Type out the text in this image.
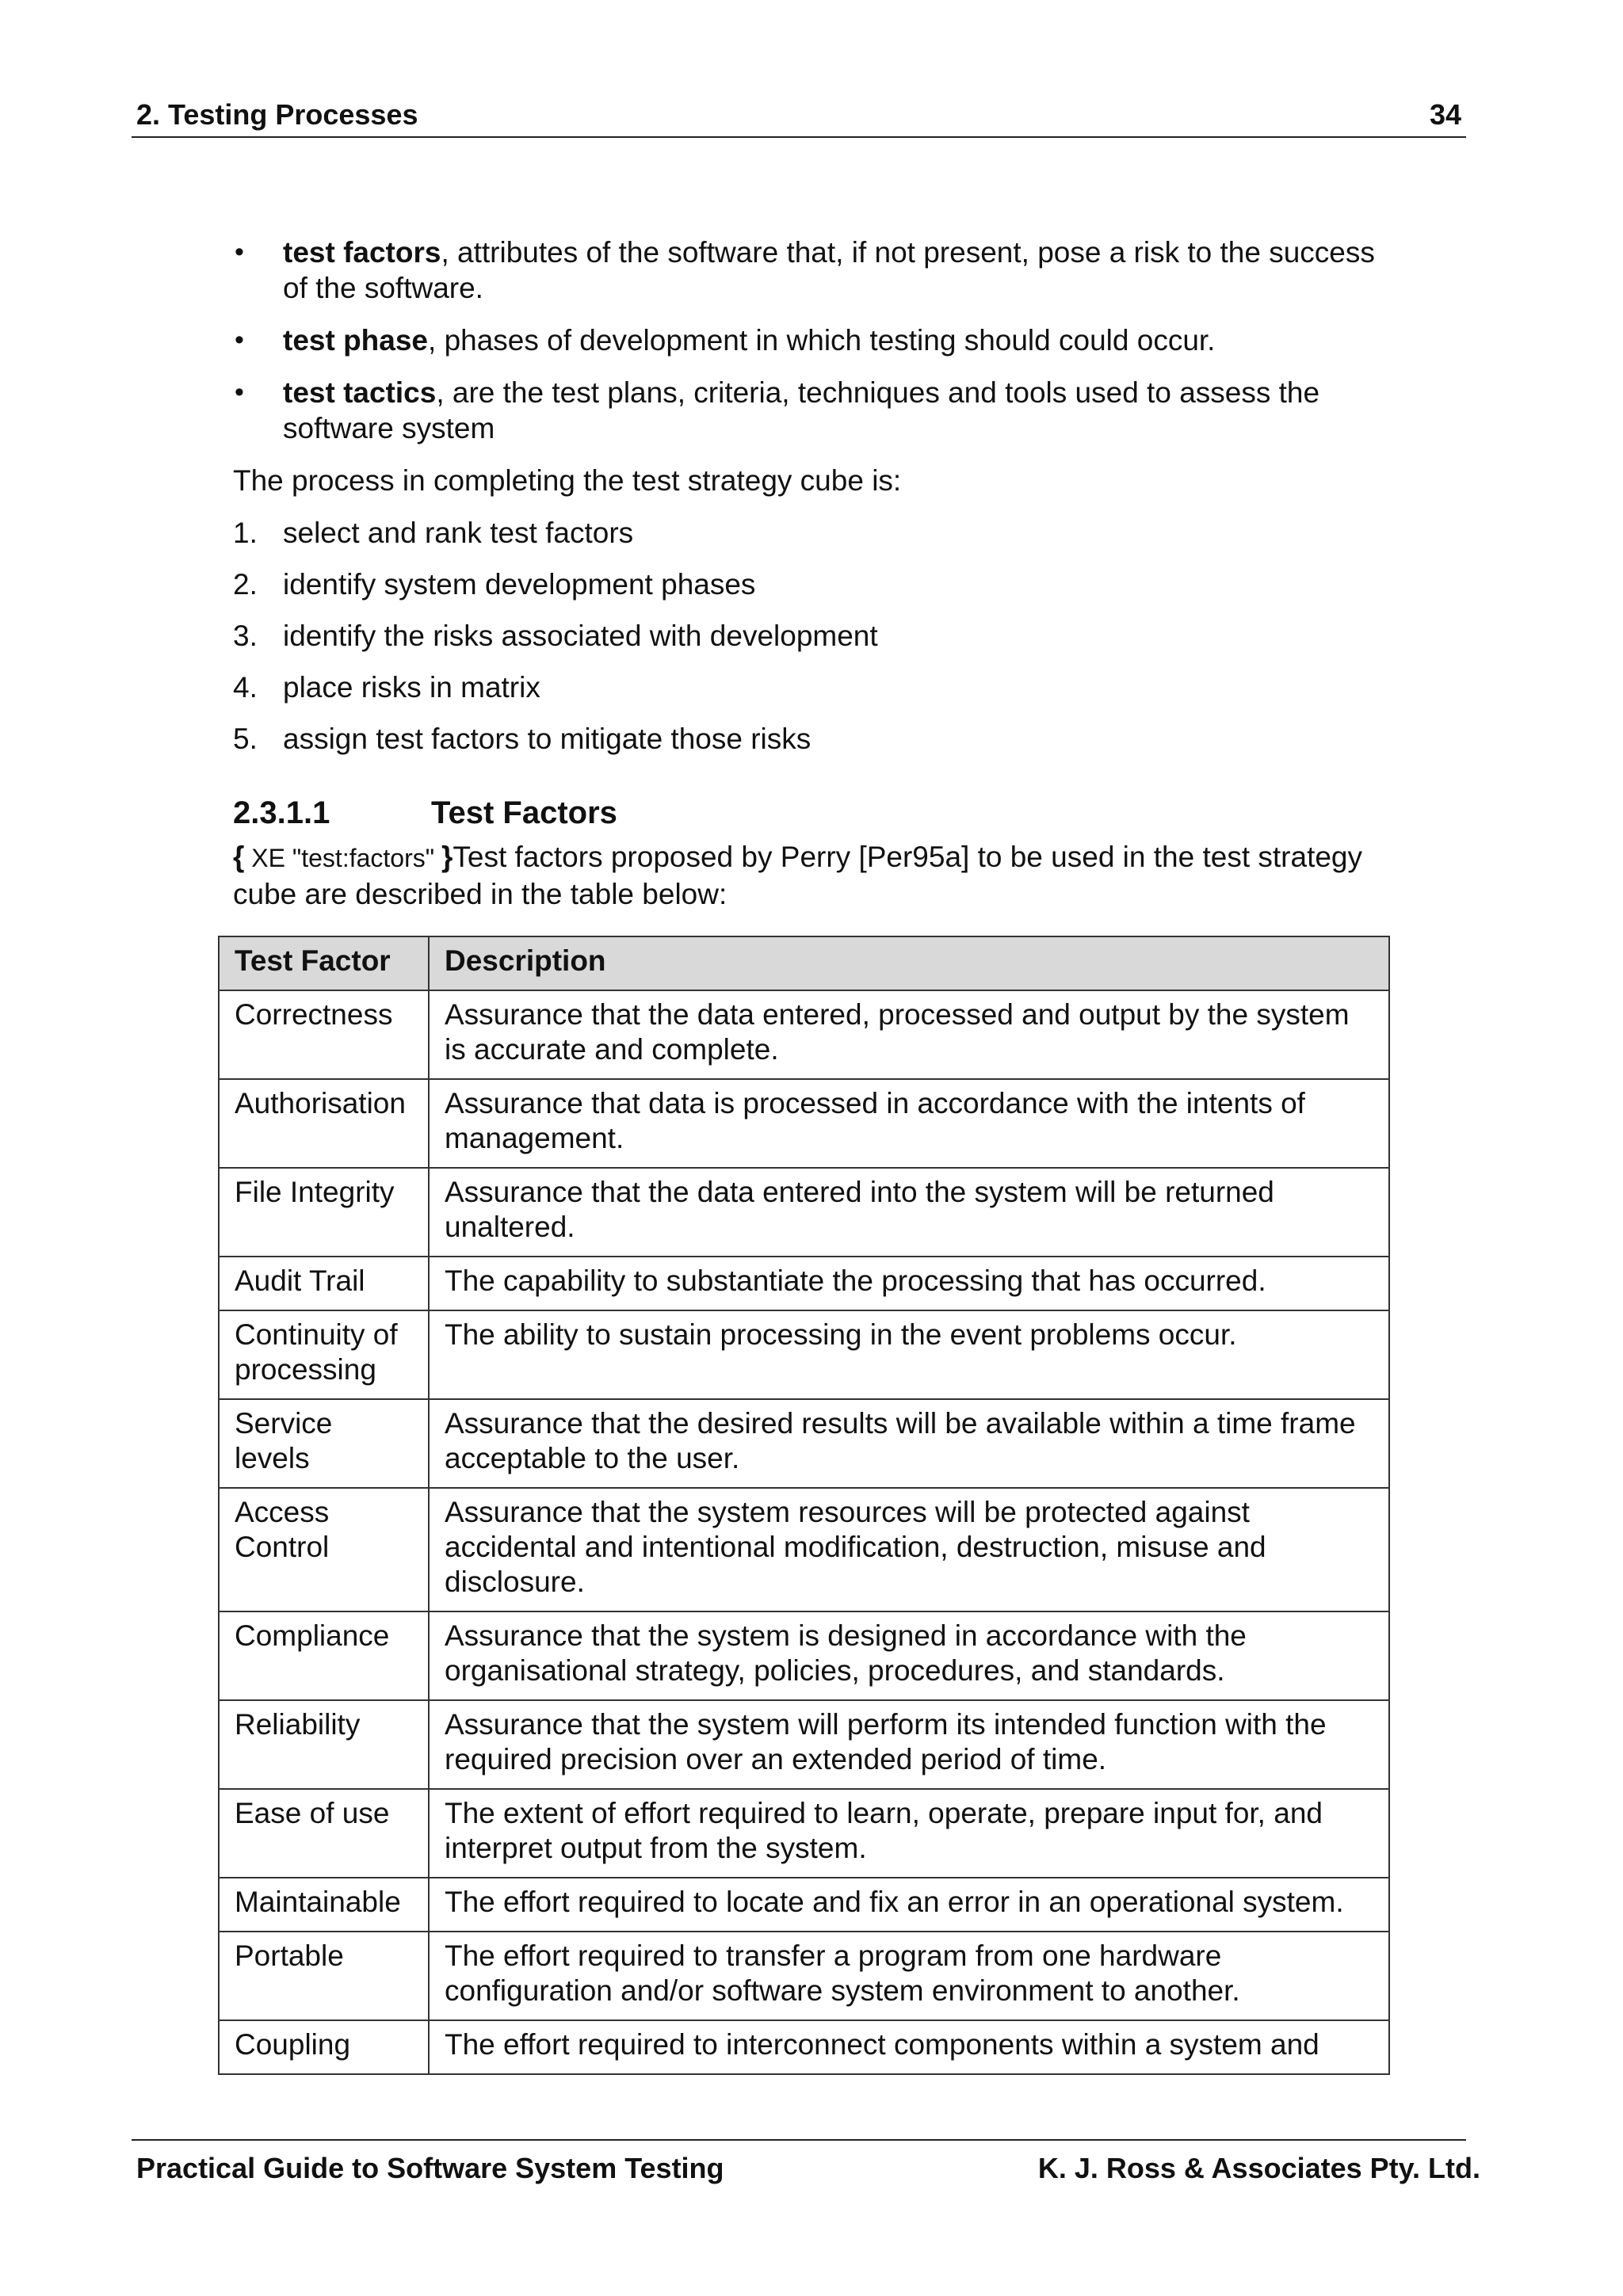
2. Testing Processes	34
• test factors, attributes of the software that, if not present, pose a risk to the success of the software.
• test phase, phases of development in which testing should could occur.
• test tactics, are the test plans, criteria, techniques and tools used to assess the software system

The process in completing the test strategy cube is:

1. select and rank test factors
2. identify system development phases
3. identify the risks associated with development
4. place risks in matrix
5. assign test factors to mitigate those risks
2.3.1.1	Test Factors

{ XE "test:factors" }Test factors proposed by Perry [Per95a] to be used in the test strategy cube are described in the table below:

Test Factor	Description
Correctness	Assurance that the data entered, processed and output by the system is accurate and complete.
Authorisation	Assurance that data is processed in accordance with the intents of management.
File Integrity	Assurance that the data entered into the system will be returned unaltered.
Audit Trail	The capability to substantiate the processing that has occurred.
Continuity of processing	The ability to sustain processing in the event problems occur.
Service levels	Assurance that the desired results will be available within a time frame acceptable to the user.
Access Control	Assurance that the system resources will be protected against accidental and intentional modification, destruction, misuse and disclosure.
Compliance	Assurance that the system is designed in accordance with the organisational strategy, policies, procedures, and standards.
Reliability	Assurance that the system will perform its intended function with the required precision over an extended period of time.
Ease of use	The extent of effort required to learn, operate, prepare input for, and interpret output from the system.
Maintainable	The effort required to locate and fix an error in an operational system.
Portable	The effort required to transfer a program from one hardware configuration and/or software system environment to another.
Coupling	The effort required to interconnect components within a system and
Practical Guide to Software System Testing	K. J. Ross & Associates Pty. Ltd.
